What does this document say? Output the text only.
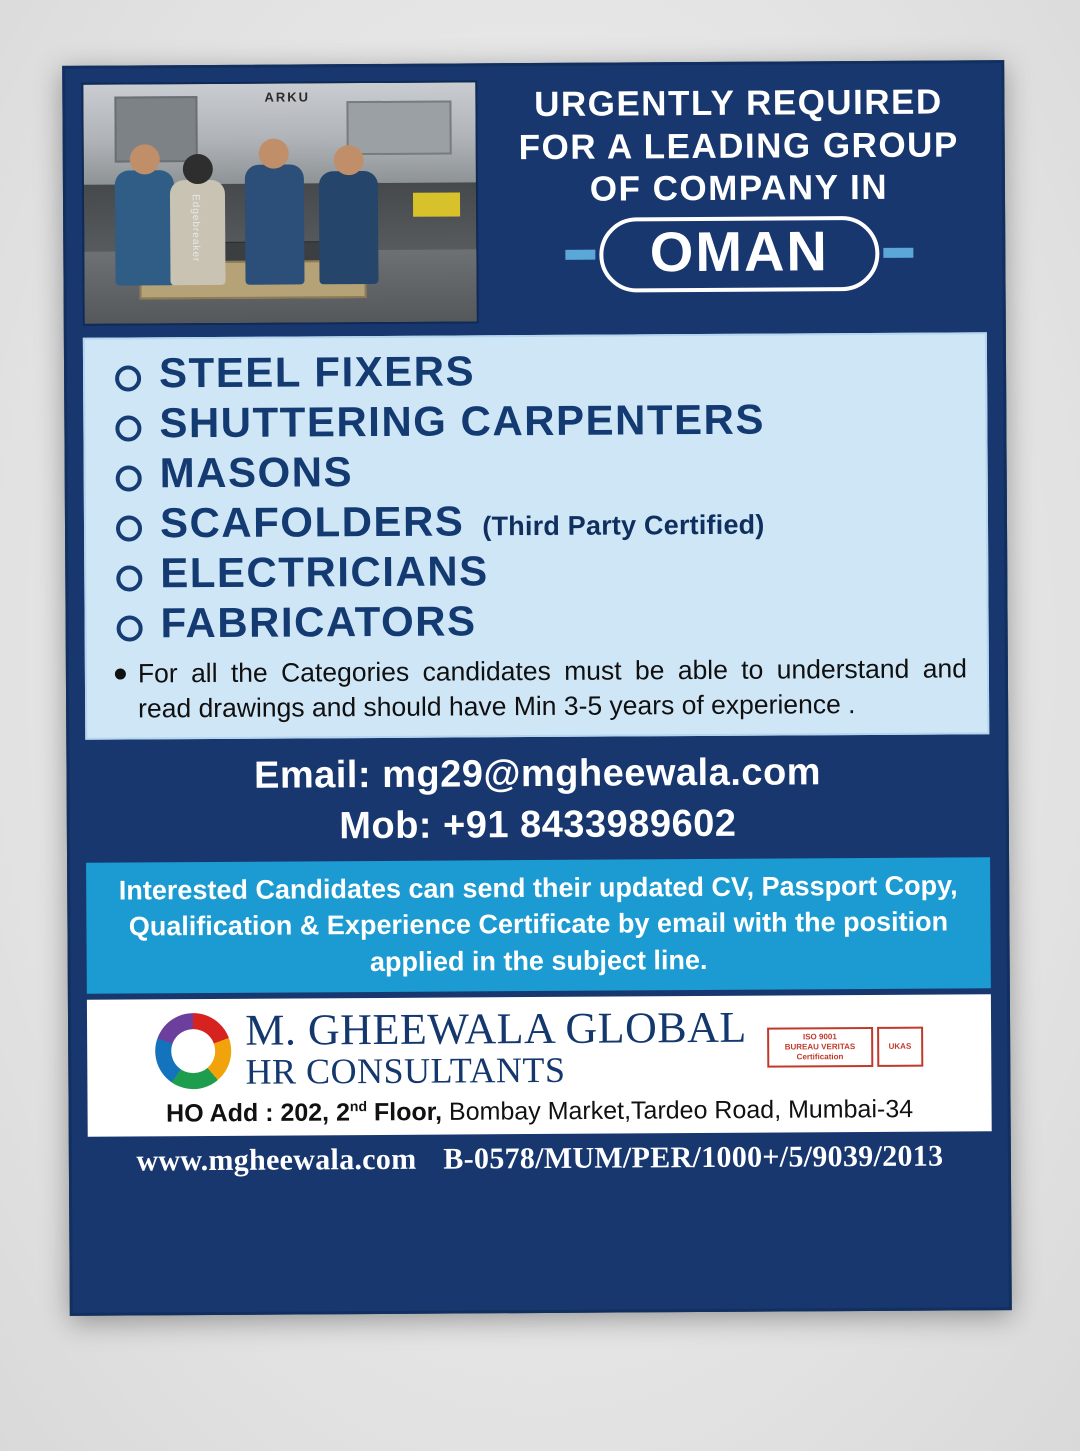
ARKU
Edgebreaker
URGENTLY REQUIRED
FOR A LEADING GROUP
OF COMPANY IN
OMAN
STEEL FIXERS
SHUTTERING CARPENTERS
MASONS
SCAFOLDERS (Third Party Certified)
ELECTRICIANS
FABRICATORS
For all the Categories candidates must be able to understand and read drawings and should have Min 3-5 years of experience .
Email: mg29@mgheewala.com
Mob: +91 8433989602

Interested Candidates can send their updated CV, Passport Copy, Qualification & Experience Certificate by email with the position applied in the subject line.

M. GHEEWALA GLOBAL
HR CONSULTANTS
ISO 9001
BUREAU VERITAS
Certification
UKAS
HO Add : 202, 2nd Floor, Bombay Market,Tardeo Road, Mumbai-34
www.mgheewala.com B-0578/MUM/PER/1000+/5/9039/2013
